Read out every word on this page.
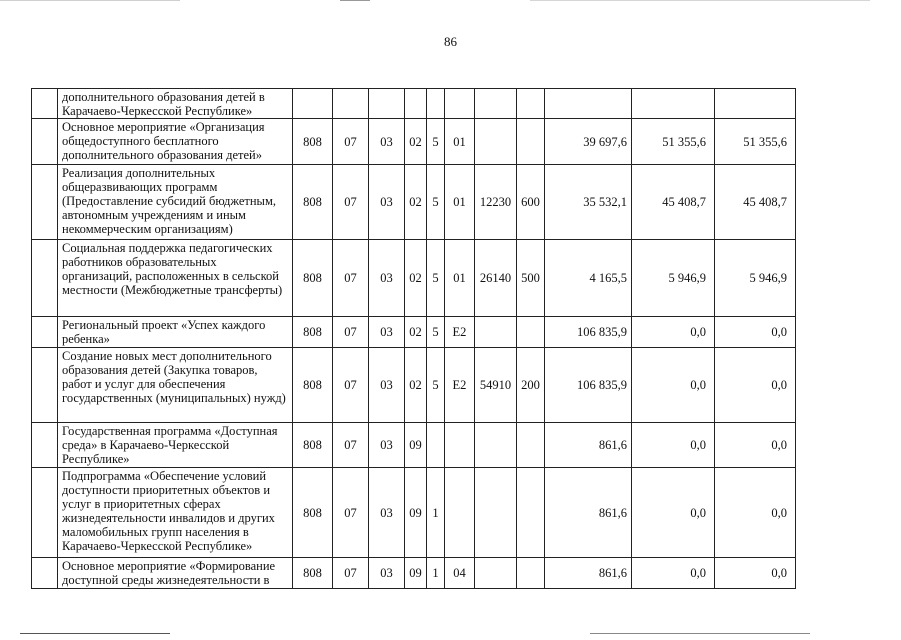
86
	дополнительного образования детей в Карачаево-Черкесской Республике»											
	Основное мероприятие «Организация общедоступного бесплатного дополнительного образования детей»	808	07	03	02	5	01			39 697,6	51 355,6	51 355,6
	Реализация дополнительных общеразвивающих программ (Предоставление субсидий бюджетным, автономным учреждениям и иным некоммерческим организациям)	808	07	03	02	5	01	12230	600	35 532,1	45 408,7	45 408,7
	Социальная поддержка педагогических работников образовательных организаций, расположенных в сельской местности (Межбюджетные трансферты)	808	07	03	02	5	01	26140	500	4 165,5	5 946,9	5 946,9
	Региональный проект «Успех каждого ребенка»	808	07	03	02	5	E2			106 835,9	0,0	0,0
	Создание новых мест дополнительного образования детей (Закупка товаров, работ и услуг для обеспечения государственных (муниципальных) нужд)	808	07	03	02	5	E2	54910	200	106 835,9	0,0	0,0
	Государственная программа «Доступная среда» в Карачаево-Черкесской Республике»	808	07	03	09					861,6	0,0	0,0
	Подпрограмма «Обеспечение условий доступности приоритетных объектов и услуг в приоритетных сферах жизнедеятельности инвалидов и других маломобильных групп населения в Карачаево-Черкесской Республике»	808	07	03	09	1				861,6	0,0	0,0
	Основное мероприятие «Формирование доступной среды жизнедеятельности в	808	07	03	09	1	04			861,6	0,0	0,0
